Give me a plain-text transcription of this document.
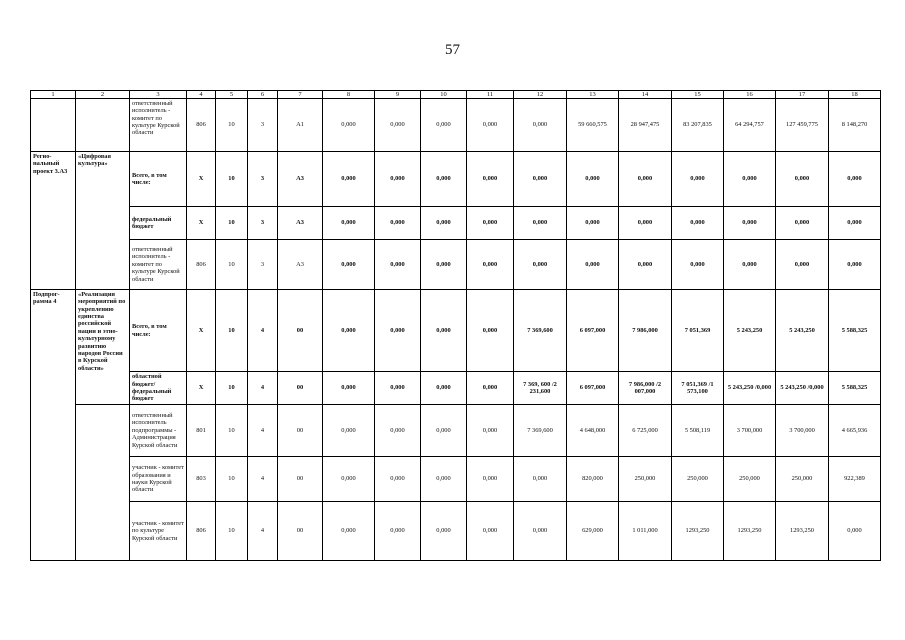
57
1	2	3	4	5	6	7	8	9	10	11	12	13	14	15	16	17	18
		ответственный исполнитель - комитет по культуре Курской области	806	10	3	А1	0,000	0,000	0,000	0,000	0,000	59 660,575	28 947,475	83 207,835	64 294,757	127 459,775	8 148,270
Регио-нальный проект 3.А3	«Цифровая культура»	Всего, в том числе:	Х	10	3	А3	0,000	0,000	0,000	0,000	0,000	0,000	0,000	0,000	0,000	0,000	0,000
		федеральный бюджет	Х	10	3	А3	0,000	0,000	0,000	0,000	0,000	0,000	0,000	0,000	0,000	0,000	0,000
		ответственный исполнитель - комитет по культуре Курской области	806	10	3	А3	0,000	0,000	0,000	0,000	0,000	0,000	0,000	0,000	0,000	0,000	0,000
Подпрог-рамма 4	«Реализация мероприятий по укреплению единства российской нации и этно-культурному развитию народов России в Курской области»	Всего, в том числе:	Х	10	4	00	0,000	0,000	0,000	0,000	7 369,600	6 097,000	7 986,000	7 051,369	5 243,250	5 243,250	5 588,325
		областной бюджет/ федеральный бюджет	Х	10	4	00	0,000	0,000	0,000	0,000	7 369, 600 /2 231,600	6 097,000	7 986,000 /2 007,000	7 051,369 /1 573,100	5 243,250 /0,000	5 243,250 /0,000	5 588,325
		ответственный исполнитель подпрограммы - Администрация Курской области	801	10	4	00	0,000	0,000	0,000	0,000	7 369,600	4 648,000	6 725,000	5 508,119	3 700,000	3 700,000	4 665,936
		участник - комитет образования и науки Курской области	803	10	4	00	0,000	0,000	0,000	0,000	0,000	820,000	250,000	250,000	250,000	250,000	922,389
		участник - комитет по культуре Курской области	806	10	4	00	0,000	0,000	0,000	0,000	0,000	629,000	1 011,000	1293,250	1293,250	1293,250	0,000
